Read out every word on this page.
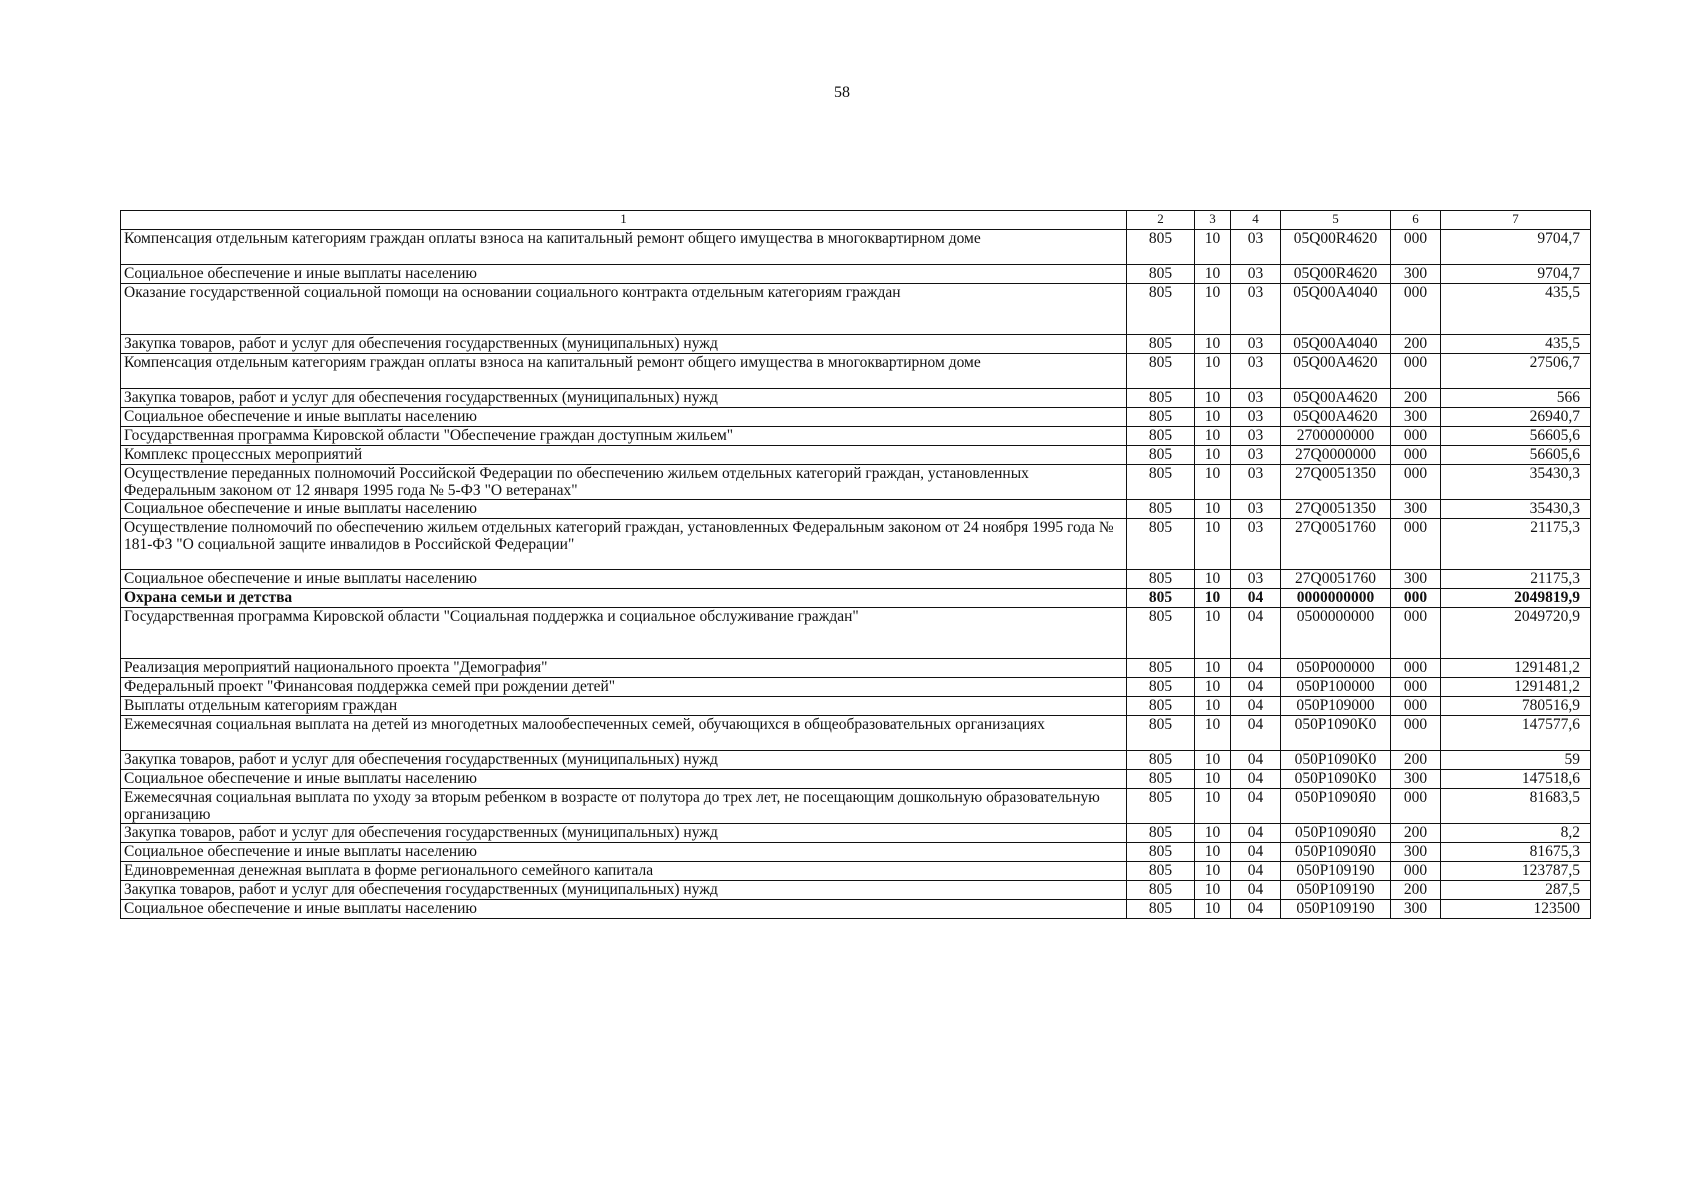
58
1	2	3	4	5	6	7
Компенсация отдельным категориям граждан оплаты взноса на капитальный ремонт общего имущества в многоквартирном доме	805	10	03	05Q00R4620	000	9704,7
Социальное обеспечение и иные выплаты населению	805	10	03	05Q00R4620	300	9704,7
Оказание государственной социальной помощи на основании социального контракта отдельным категориям граждан	805	10	03	05Q00A4040	000	435,5
Закупка товаров, работ и услуг для обеспечения государственных (муниципальных) нужд	805	10	03	05Q00A4040	200	435,5
Компенсация отдельным категориям граждан оплаты взноса на капитальный ремонт общего имущества в многоквартирном доме	805	10	03	05Q00A4620	000	27506,7
Закупка товаров, работ и услуг для обеспечения государственных (муниципальных) нужд	805	10	03	05Q00A4620	200	566
Социальное обеспечение и иные выплаты населению	805	10	03	05Q00A4620	300	26940,7
Государственная программа Кировской области "Обеспечение граждан доступным жильем"	805	10	03	2700000000	000	56605,6
Комплекс процессных мероприятий	805	10	03	27Q0000000	000	56605,6
Осуществление переданных полномочий Российской Федерации по обеспечению жильем отдельных категорий граждан, установленных Федеральным законом от 12 января 1995 года № 5-ФЗ "О ветеранах"	805	10	03	27Q0051350	000	35430,3
Социальное обеспечение и иные выплаты населению	805	10	03	27Q0051350	300	35430,3
Осуществление полномочий по обеспечению жильем отдельных категорий граждан, установленных Федеральным законом от 24 ноября 1995 года № 181-ФЗ "О социальной защите инвалидов в Российской Федерации"	805	10	03	27Q0051760	000	21175,3
Социальное обеспечение и иные выплаты населению	805	10	03	27Q0051760	300	21175,3
Охрана семьи и детства	805	10	04	0000000000	000	2049819,9
Государственная программа Кировской области "Социальная поддержка и социальное обслуживание граждан"	805	10	04	0500000000	000	2049720,9
Реализация мероприятий национального проекта "Демография"	805	10	04	050P000000	000	1291481,2
Федеральный проект "Финансовая поддержка семей при рождении детей"	805	10	04	050P100000	000	1291481,2
Выплаты отдельным категориям граждан	805	10	04	050P109000	000	780516,9
Ежемесячная социальная выплата на детей из многодетных малообеспеченных семей, обучающихся в общеобразовательных организациях	805	10	04	050P1090K0	000	147577,6
Закупка товаров, работ и услуг для обеспечения государственных (муниципальных) нужд	805	10	04	050P1090K0	200	59
Социальное обеспечение и иные выплаты населению	805	10	04	050P1090K0	300	147518,6
Ежемесячная социальная выплата по уходу за вторым ребенком в возрасте от полутора до трех лет, не посещающим дошкольную образовательную организацию	805	10	04	050P1090Я0	000	81683,5
Закупка товаров, работ и услуг для обеспечения государственных (муниципальных) нужд	805	10	04	050P1090Я0	200	8,2
Социальное обеспечение и иные выплаты населению	805	10	04	050P1090Я0	300	81675,3
Единовременная денежная выплата в форме регионального семейного капитала	805	10	04	050P109190	000	123787,5
Закупка товаров, работ и услуг для обеспечения государственных (муниципальных) нужд	805	10	04	050P109190	200	287,5
Социальное обеспечение и иные выплаты населению	805	10	04	050P109190	300	123500
